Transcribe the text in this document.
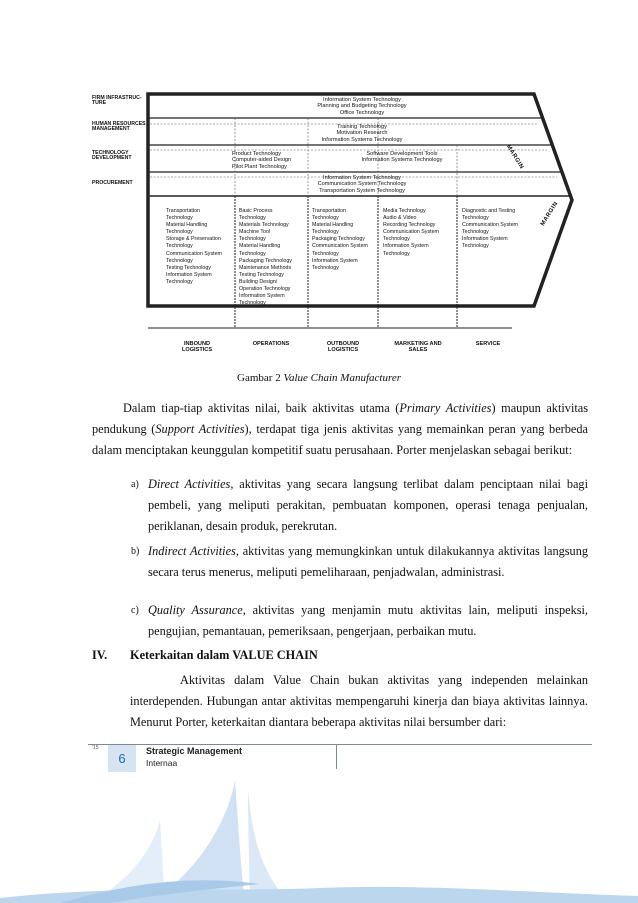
FIRM INFRASTRUC- TURE
HUMAN RESOURCES MANAGEMENT
TECHNOLOGY DEVELOPMENT
PROCUREMENT
Information System Technology
Planning and Budgeting Technology
Office Technology
Training Technology
Motivation Research
Information Systems Technology
Product Technology
Computer-aided Design
Pilot Plant Technology
Software Development Tools
Information Systems Technology
Information System Technology
Communication System Technology
Transportation System Technology
Transportation
Technology
Material Handling
Technology
Storage & Preservation
Technology
Communication System
Technology
Testing Technology
Information System
Technology
Basic Process
Technology
Materials Technology
Machine Tool
Technology
Material Handling
Technology
Packaging Technology
Maintenance Methods
Testing Technology
Building Design/
Operation Technology
Information System
Technology
Transportation
Technology
Material Handling
Technology
Packaging Technology
Communication System
Technology
Information System
Technology
Media Technology
Audio & Video
Recording Technology
Communication System
Technology
Information System
Technology
Diagnostic and Testing
Technology
Communication System
Technology
Information System
Technology
INBOUND
LOGISTICS
OPERATIONS	OUTBOUND
LOGISTICS
MARKETING AND
SALES
SERVICE
MARGIN
MARGIN
Gambar 2 Value Chain Manufacturer
Dalam tiap-tiap aktivitas nilai, baik aktivitas utama (Primary Activities) maupun aktivitas pendukung (Support Activities), terdapat tiga jenis aktivitas yang memainkan peran yang berbeda dalam menciptakan keunggulan kompetitif suatu perusahaan. Porter menjelaskan sebagai berikut:
a) Direct Activities, aktivitas yang secara langsung terlibat dalam penciptaan nilai bagi pembeli, yang meliputi perakitan, pembuatan komponen, operasi tenaga penjualan, periklanan, desain produk, perekrutan.
b) Indirect Activities, aktivitas yang memungkinkan untuk dilakukannya aktivitas langsung secara terus menerus, meliputi pemeliharaan, penjadwalan, administrasi.
c) Quality Assurance, aktivitas yang menjamin mutu aktivitas lain, meliputi inspeksi, pengujian, pemantauan, pemeriksaan, pengerjaan, perbaikan mutu.
IV. Keterkaitan dalam VALUE CHAIN
Aktivitas dalam Value Chain bukan aktivitas yang independen melainkan interdependen. Hubungan antar aktivitas mempengaruhi kinerja dan biaya aktivitas lainnya. Menurut Porter, keterkaitan diantara beberapa aktivitas nilai bersumber dari:
'15
6 Strategic Management
Internaa
